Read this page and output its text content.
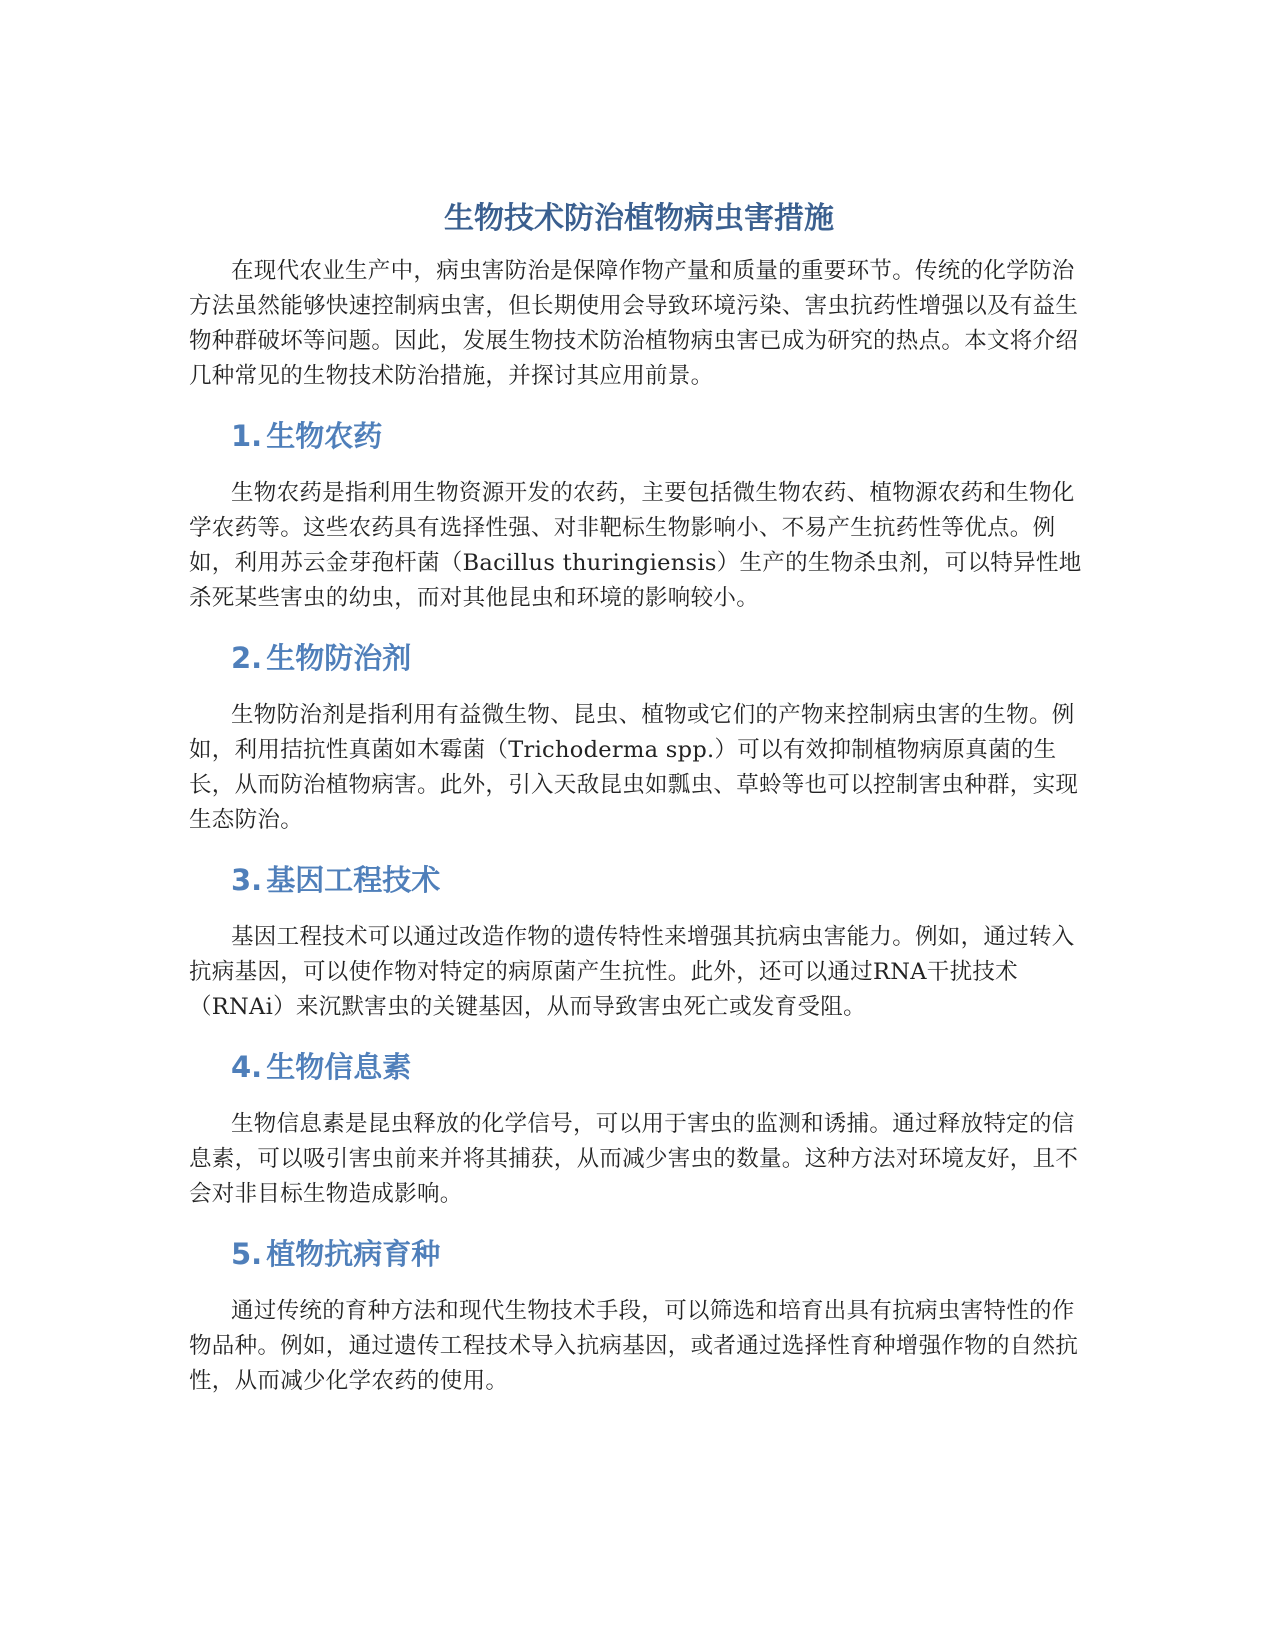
生物技术防治植物病虫害措施

在现代农业生产中，病虫害防治是保障作物产量和质量的重要环节。传统的化学防治方法虽然能够快速控制病虫害，但长期使用会导致环境污染、害虫抗药性增强以及有益生物种群破坏等问题。因此，发展生物技术防治植物病虫害已成为研究的热点。本文将介绍几种常见的生物技术防治措施，并探讨其应用前景。

1. 生物农药

生物农药是指利用生物资源开发的农药，主要包括微生物农药、植物源农药和生物化学农药等。这些农药具有选择性强、对非靶标生物影响小、不易产生抗药性等优点。例如，利用苏云金芽孢杆菌（Bacillus thuringiensis）生产的生物杀虫剂，可以特异性地杀死某些害虫的幼虫，而对其他昆虫和环境的影响较小。

2. 生物防治剂

生物防治剂是指利用有益微生物、昆虫、植物或它们的产物来控制病虫害的生物。例如，利用拮抗性真菌如木霉菌（Trichoderma spp.）可以有效抑制植物病原真菌的生长，从而防治植物病害。此外，引入天敌昆虫如瓢虫、草蛉等也可以控制害虫种群，实现生态防治。

3. 基因工程技术

基因工程技术可以通过改造作物的遗传特性来增强其抗病虫害能力。例如，通过转入抗病基因，可以使作物对特定的病原菌产生抗性。此外，还可以通过RNA干扰技术（RNAi）来沉默害虫的关键基因，从而导致害虫死亡或发育受阻。

4. 生物信息素

生物信息素是昆虫释放的化学信号，可以用于害虫的监测和诱捕。通过释放特定的信息素，可以吸引害虫前来并将其捕获，从而减少害虫的数量。这种方法对环境友好，且不会对非目标生物造成影响。

5. 植物抗病育种

通过传统的育种方法和现代生物技术手段，可以筛选和培育出具有抗病虫害特性的作物品种。例如，通过遗传工程技术导入抗病基因，或者通过选择性育种增强作物的自然抗性，从而减少化学农药的使用。
